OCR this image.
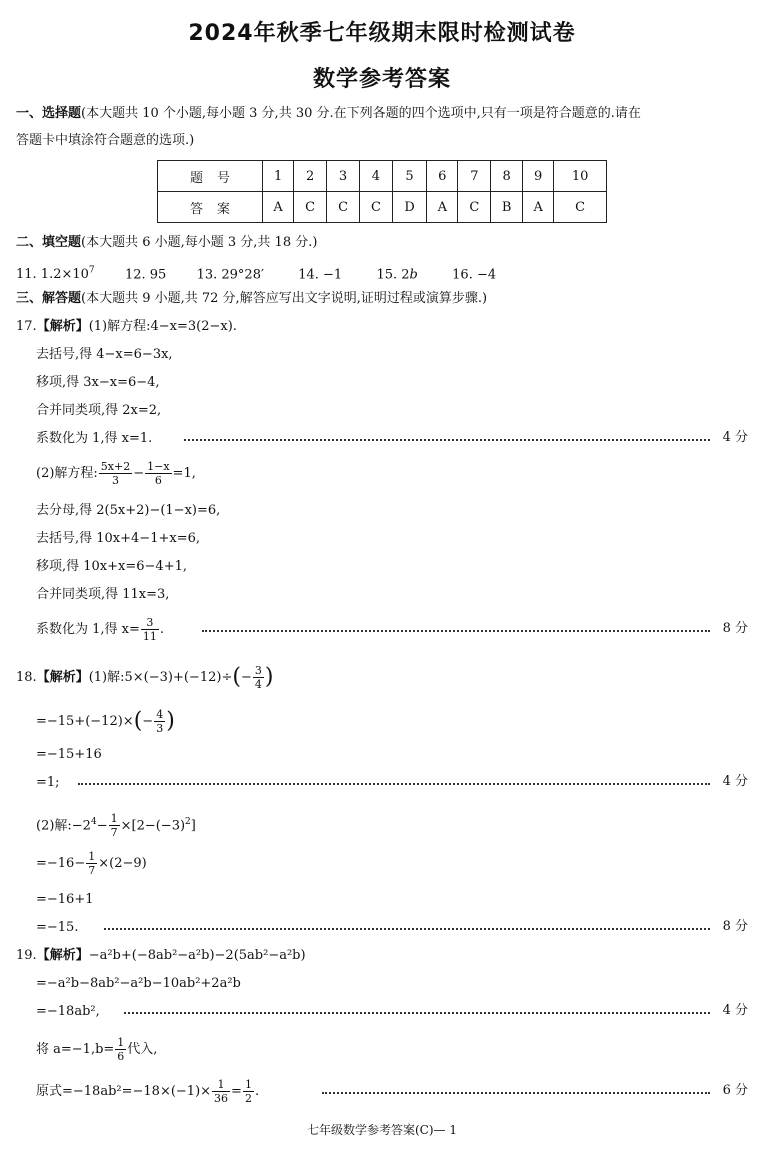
2024年秋季七年级期末限时检测试卷
数学参考答案
一、选择题(本大题共 10 个小题,每小题 3 分,共 30 分.在下列各题的四个选项中,只有一项是符合题意的.请在
答题卡中填涂符合题意的选项.)
题号	1	2	3	4	5	6	7	8	9	10
答案	A	C	C	C	D	A	C	B	A	C
二、填空题(本大题共 6 小题,每小题 3 分,共 18 分.)
11. $1.2\times 10^7$ 12. 95 13. 29°28′	14. −1	15. 2b	16. −4
三、解答题(本大题共 9 小题,共 72 分,解答应写出文字说明,证明过程或演算步骤.)
17.【解析】(1)解方程:4−x=3(2−x).
去括号,得 4−x=6−3x,
移项,得 3x−x=6−4,
合并同类项,得 2x=2,
系数化为 1,得 x=1.	4 分
(2)解方程: $\frac{5x+2}{3} - \frac{1-x}{6} =1$,
去分母,得 2(5x+2)−(1−x)=6,
去括号,得 10x+4−1+x=6,
移项,得 10x+x=6−4+1,
合并同类项,得 11x=3,
系数化为 1,得 $x= \frac{3}{11}$ .	8 分
18.【解析】(1)解:5×(−3)+(−12)÷(− $\frac{3}{4}$ )
$=-15+(-12)\times(- \frac{4}{3}$ )
=−15+16
=1;	4 分
(2)解$:-2^4- \frac{1}{7} \times[2-(-3)^2]$
$=-16- \frac{1}{7} \times(2-9)$
=−16+1
=−15.	8 分
19.【解析】−a²b+(−8ab²−a²b)−2(5ab²−a²b)
=−a²b−8ab²−a²b−10ab²+2a²b
=−18ab²,	4 分
将 $a=-1,b= \frac{1}{6}$ 代入,
原式$=-18ab^2=-18\times(-1)\times \frac{1}{36} = \frac{1}{2}$ .	6 分
七年级数学参考答案(C)— 1
